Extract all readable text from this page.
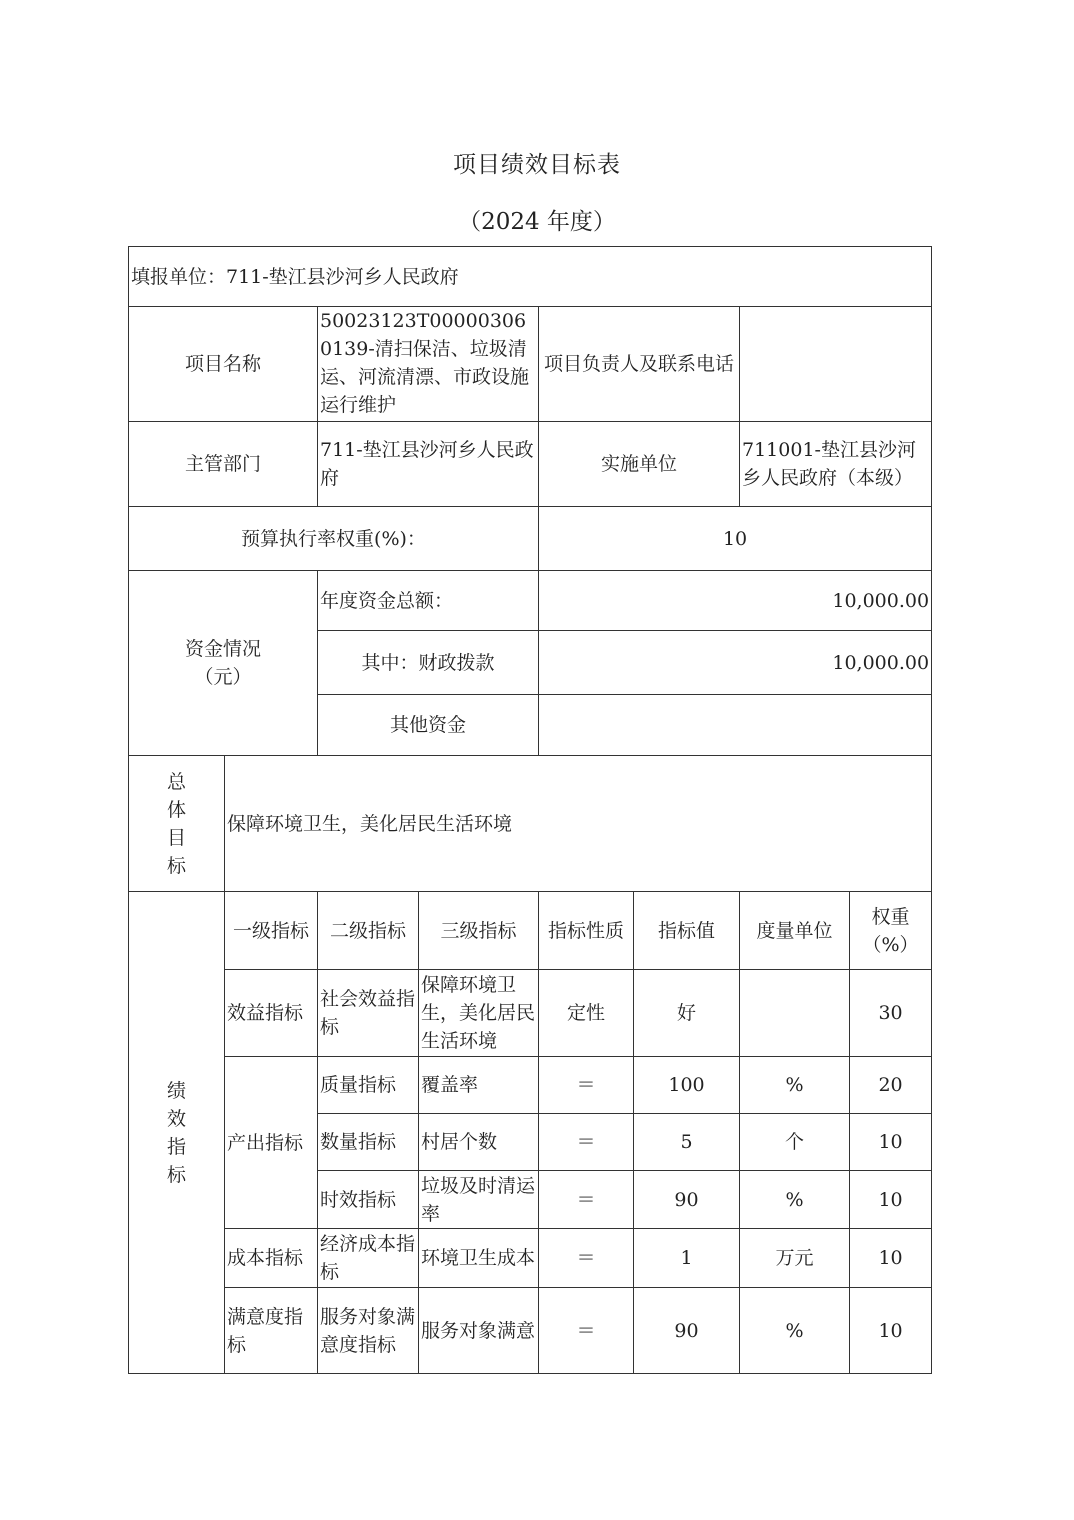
项目绩效目标表
（2024 年度）
填报单位：711-垫江县沙河乡人民政府							
项目名称		50023123T000003060139-清扫保洁、垃圾清运、河流清漂、市政设施运行维护		项目负责人及联系电话			
主管部门		711-垫江县沙河乡人民政府		实施单位		711001-垫江县沙河乡人民政府（本级）	
预算执行率权重(%)：				10			

资金情况（元）		年度资金总额：		10,000.00			
		其中：财政拨款		10,000.00			
		其他资金					

总体目标	保障环境卫生，美化居民生活环境						

绩效指标	一级指标	二级指标	三级指标	指标性质	指标值	度量单位	权重（%）
	效益指标	社会效益指标	保障环境卫生，美化居民生活环境	定性	好		30
	产出指标	质量指标	覆盖率	＝	100	%	20
		数量指标	村居个数	＝	5	个	10
		时效指标	垃圾及时清运率	＝	90	%	10
	成本指标	经济成本指标	环境卫生成本	＝	1	万元	10
	满意度指标	服务对象满意度指标	服务对象满意	＝	90	%	10
